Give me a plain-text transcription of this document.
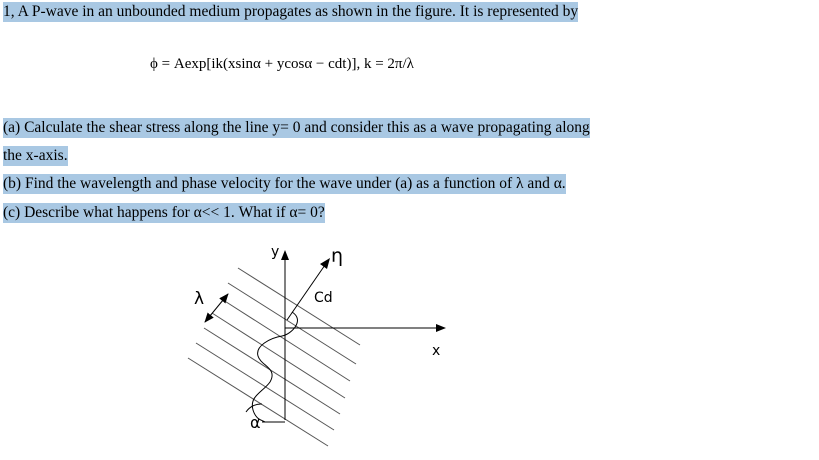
1, A P-wave in an unbounded medium propagates as shown in the figure. It is represented by
ϕ = Aexp[ik(xsinα + ycosα − cdt)], k = 2π/λ
(a) Calculate the shear stress along the line y= 0 and consider this as a wave propagating along
the x-axis.
(b) Find the wavelength and phase velocity for the wave under (a) as a function of λ and α.
(c) Describe what happens for α<< 1. What if α= 0?
y
x
η
Cd
λ
α
